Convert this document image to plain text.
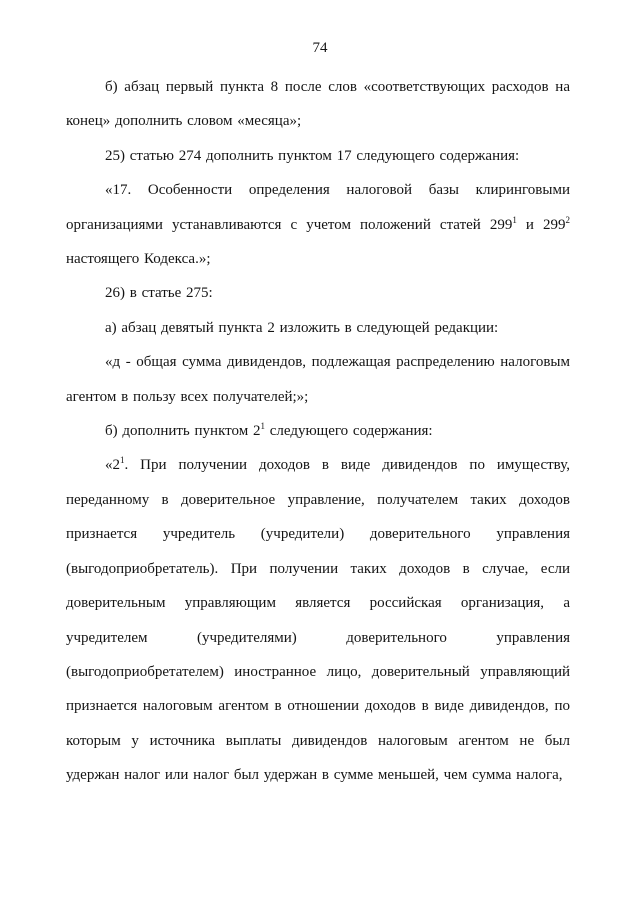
74

б) абзац первый пункта 8 после слов «соответствующих расходов на конец» дополнить словом «месяца»;

25) статью 274 дополнить пунктом 17 следующего содержания:

«17. Особенности определения налоговой базы клиринговыми организациями устанавливаются с учетом положений статей $299^1$ и $299^2$ настоящего Кодекса.»;

26) в статье 275:

а) абзац девятый пункта 2 изложить в следующей редакции:

«д - общая сумма дивидендов, подлежащая распределению налоговым агентом в пользу всех получателей;»;

б) дополнить пунктом $2^1$ следующего содержания:

«$2^1$. При получении доходов в виде дивидендов по имуществу, переданному в доверительное управление, получателем таких доходов признается учредитель (учредители) доверительного управления (выгодоприобретатель). При получении таких доходов в случае, если доверительным управляющим является российская организация, а учредителем (учредителями) доверительного управления (выгодоприобретателем) иностранное лицо, доверительный управляющий признается налоговым агентом в отношении доходов в виде дивидендов, по которым у источника выплаты дивидендов налоговым агентом не был удержан налог или налог был удержан в сумме меньшей, чем сумма налога,
